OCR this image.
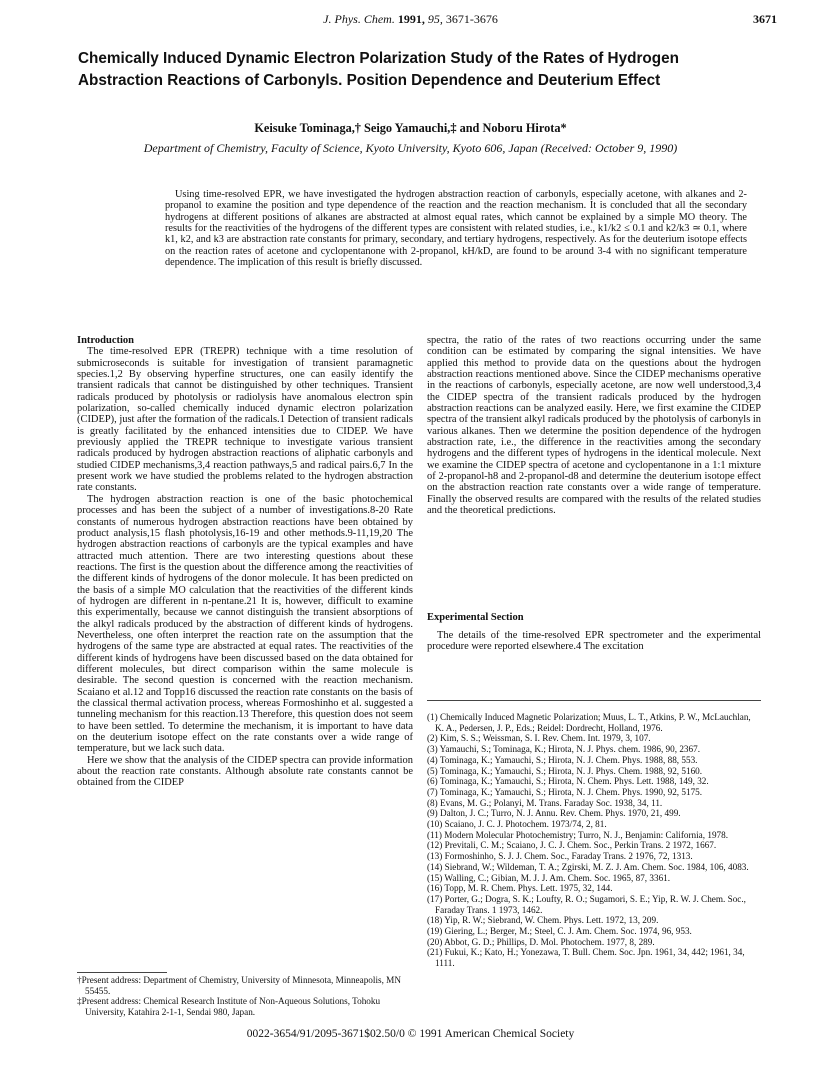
J. Phys. Chem. 1991, 95, 3671-3676	3671
Chemically Induced Dynamic Electron Polarization Study of the Rates of Hydrogen Abstraction Reactions of Carbonyls. Position Dependence and Deuterium Effect
Keisuke Tominaga,† Seigo Yamauchi,‡ and Noboru Hirota*
Department of Chemistry, Faculty of Science, Kyoto University, Kyoto 606, Japan (Received: October 9, 1990)

Using time-resolved EPR, we have investigated the hydrogen abstraction reaction of carbonyls, especially acetone, with alkanes and 2-propanol to examine the position and type dependence of the reaction and the reaction mechanism. It is concluded that all the secondary hydrogens at different positions of alkanes are abstracted at almost equal rates, which cannot be explained by a simple MO theory. The results for the reactivities of the hydrogens of the different types are consistent with related studies, i.e., k1/k2 ≤ 0.1 and k2/k3 ≃ 0.1, where k1, k2, and k3 are abstraction rate constants for primary, secondary, and tertiary hydrogens, respectively. As for the deuterium isotope effects on the reaction rates of acetone and cyclopentanone with 2-propanol, kH/kD, are found to be around 3-4 with no significant temperature dependence. The implication of this result is briefly discussed.

Introduction

The time-resolved EPR (TREPR) technique with a time resolution of submicroseconds is suitable for investigation of transient paramagnetic species.1,2 By observing hyperfine structures, one can easily identify the transient radicals that cannot be distinguished by other techniques. Transient radicals produced by photolysis or radiolysis have anomalous electron spin polarization, so-called chemically induced dynamic electron polarization (CIDEP), just after the formation of the radicals.1 Detection of transient radicals is greatly facilitated by the enhanced intensities due to CIDEP. We have previously applied the TREPR technique to investigate various transient radicals produced by hydrogen abstraction reactions of aliphatic carbonyls and studied CIDEP mechanisms,3,4 reaction pathways,5 and radical pairs.6,7 In the present work we have studied the problems related to the hydrogen abstraction rate constants.

The hydrogen abstraction reaction is one of the basic photochemical processes and has been the subject of a number of investigations.8-20 Rate constants of numerous hydrogen abstraction reactions have been obtained by product analysis,15 flash photolysis,16-19 and other methods.9-11,19,20 The hydrogen abstraction reactions of carbonyls are the typical examples and have attracted much attention. There are two interesting questions about these reactions. The first is the question about the difference among the reactivities of the different kinds of hydrogens of the donor molecule. It has been predicted on the basis of a simple MO calculation that the reactivities of the different kinds of hydrogen are different in n-pentane.21 It is, however, difficult to examine this experimentally, because we cannot distinguish the transient absorptions of the alkyl radicals produced by the abstraction of different kinds of hydrogens. Nevertheless, one often interpret the reaction rate on the assumption that the hydrogens of the same type are abstracted at equal rates. The reactivities of the different kinds of hydrogens have been discussed based on the data obtained for different molecules, but direct comparison within the same molecule is desirable. The second question is concerned with the reaction mechanism. Scaiano et al.12 and Topp16 discussed the reaction rate constants on the basis of the classical thermal activation process, whereas Formoshinho et al. suggested a tunneling mechanism for this reaction.13 Therefore, this question does not seem to have been settled. To determine the mechanism, it is important to have data on the deuterium isotope effect on the rate constants over a wide range of temperature, but we lack such data.

Here we show that the analysis of the CIDEP spectra can provide information about the reaction rate constants. Although absolute rate constants cannot be obtained from the CIDEP

spectra, the ratio of the rates of two reactions occurring under the same condition can be estimated by comparing the signal intensities. We have applied this method to provide data on the questions about the hydrogen abstraction reactions mentioned above. Since the CIDEP mechanisms operative in the reactions of carbonyls, especially acetone, are now well understood,3,4 the CIDEP spectra of the transient radicals produced by the hydrogen abstraction reactions can be analyzed easily. Here, we first examine the CIDEP spectra of the transient alkyl radicals produced by the photolysis of carbonyls in various alkanes. Then we determine the position dependence of the hydrogen abstraction rate, i.e., the difference in the reactivities among the secondary hydrogens and the different types of hydrogens in the identical molecule. Next we examine the CIDEP spectra of acetone and cyclopentanone in a 1:1 mixture of 2-propanol-h8 and 2-propanol-d8 and determine the deuterium isotope effect on the abstraction reaction rate constants over a wide range of temperature. Finally the observed results are compared with the results of the related studies and the theoretical predictions.

Experimental Section

The details of the time-resolved EPR spectrometer and the experimental procedure were reported elsewhere.4 The excitation

(1) Chemically Induced Magnetic Polarization; Muus, L. T., Atkins, P. W., McLauchlan, K. A., Pedersen, J. P., Eds.; Reidel: Dordrecht, Holland, 1976.
(2) Kim, S. S.; Weissman, S. I. Rev. Chem. Int. 1979, 3, 107.
(3) Yamauchi, S.; Tominaga, K.; Hirota, N. J. Phys. chem. 1986, 90, 2367.
(4) Tominaga, K.; Yamauchi, S.; Hirota, N. J. Chem. Phys. 1988, 88, 553.
(5) Tominaga, K.; Yamauchi, S.; Hirota, N. J. Phys. Chem. 1988, 92, 5160.
(6) Tominaga, K.; Yamauchi, S.; Hirota, N. Chem. Phys. Lett. 1988, 149, 32.
(7) Tominaga, K.; Yamauchi, S.; Hirota, N. J. Chem. Phys. 1990, 92, 5175.
(8) Evans, M. G.; Polanyi, M. Trans. Faraday Soc. 1938, 34, 11.
(9) Dalton, J. C.; Turro, N. J. Annu. Rev. Chem. Phys. 1970, 21, 499.
(10) Scaiano, J. C. J. Photochem. 1973/74, 2, 81.
(11) Modern Molecular Photochemistry; Turro, N. J., Benjamin: California, 1978.
(12) Previtali, C. M.; Scaiano, J. C. J. Chem. Soc., Perkin Trans. 2 1972, 1667.
(13) Formoshinho, S. J. J. Chem. Soc., Faraday Trans. 2 1976, 72, 1313.
(14) Siebrand, W.; Wildeman, T. A.; Zgirski, M. Z. J. Am. Chem. Soc. 1984, 106, 4083.
(15) Walling, C.; Gibian, M. J. J. Am. Chem. Soc. 1965, 87, 3361.
(16) Topp, M. R. Chem. Phys. Lett. 1975, 32, 144.
(17) Porter, G.; Dogra, S. K.; Loufty, R. O.; Sugamori, S. E.; Yip, R. W. J. Chem. Soc., Faraday Trans. 1 1973, 1462.
(18) Yip, R. W.; Siebrand, W. Chem. Phys. Lett. 1972, 13, 209.
(19) Giering, L.; Berger, M.; Steel, C. J. Am. Chem. Soc. 1974, 96, 953.
(20) Abbot, G. D.; Phillips, D. Mol. Photochem. 1977, 8, 289.
(21) Fukui, K.; Kato, H.; Yonezawa, T. Bull. Chem. Soc. Jpn. 1961, 34, 442; 1961, 34, 1111.
†Present address: Department of Chemistry, University of Minnesota, Minneapolis, MN 55455.
‡Present address: Chemical Research Institute of Non-Aqueous Solutions, Tohoku University, Katahira 2-1-1, Sendai 980, Japan.
0022-3654/91/2095-3671$02.50/0 © 1991 American Chemical Society
